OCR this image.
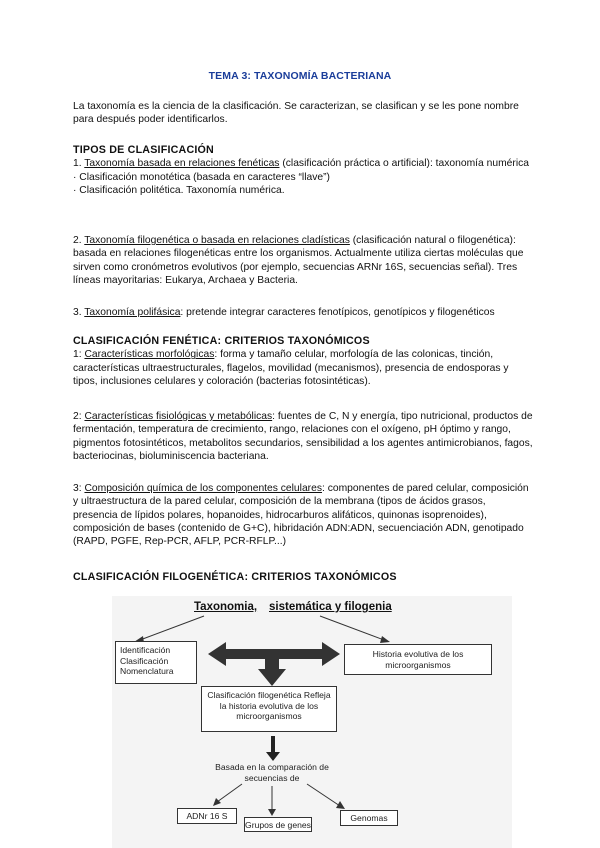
TEMA 3: TAXONOMÍA BACTERIANA

La taxonomía es la ciencia de la clasificación. Se caracterizan, se clasifican y se les pone nombre para después poder identificarlos.

TIPOS DE CLASIFICACIÓN

1. Taxonomía basada en relaciones fenéticas (clasificación práctica o artificial): taxonomía numérica

· Clasificación monotética (basada en caracteres “llave”)

· Clasificación politética. Taxonomía numérica.

2. Taxonomía filogenética o basada en relaciones cladísticas (clasificación natural o filogenética): basada en relaciones filogenéticas entre los organismos. Actualmente utiliza ciertas moléculas que sirven como cronómetros evolutivos (por ejemplo, secuencias ARNr 16S, secuencias señal). Tres líneas mayoritarias: Eukarya, Archaea y Bacteria.

3. Taxonomía polifásica: pretende integrar caracteres fenotípicos, genotípicos y filogenéticos

CLASIFICACIÓN FENÉTICA: CRITERIOS TAXONÓMICOS

1: Características morfológicas: forma y tamaño celular, morfología de las colonicas, tinción, características ultraestructurales, flagelos, movilidad (mecanismos), presencia de endosporas y tipos, inclusiones celulares y coloración (bacterias fotosintéticas).

2: Características fisiológicas y metabólicas: fuentes de C, N y energía, tipo nutricional, productos de fermentación, temperatura de crecimiento, rango, relaciones con el oxígeno, pH óptimo y rango, pigmentos fotosintéticos, metabolitos secundarios, sensibilidad a los agentes antimicrobianos, fagos, bacteriocinas, bioluminiscencia bacteriana.

3: Composición química de los componentes celulares: componentes de pared celular, composición y ultraestructura de la pared celular, composición de la membrana (tipos de ácidos grasos, presencia de lípidos polares, hopanoides, hidrocarburos alifáticos, quinonas isoprenoides), composición de bases (contenido de G+C), hibridación ADN:ADN, secuenciación ADN, genotipado (RAPD, PGFE, Rep-PCR, AFLP, PCR-RFLP...)

CLASIFICACIÓN FILOGENÉTICA: CRITERIOS TAXONÓMICOS
Taxonomia, sistemática y filogenia
Identificación
Clasificación
Nomenclatura
Historia evolutiva de los microorganismos
Clasificación filogenética Refleja la historia evolutiva de los microorganismos
Basada en la comparación de secuencias de
ADNr 16 S	Genomas
Grupos de genes
